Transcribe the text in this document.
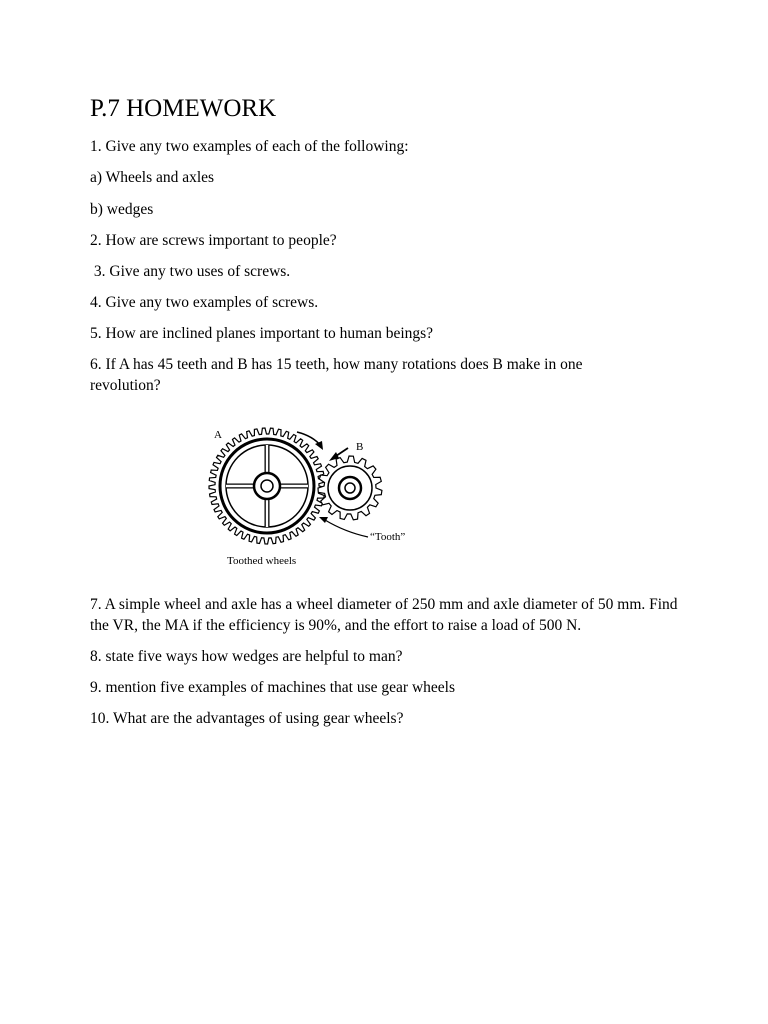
P.7 HOMEWORK
1. Give any two examples of each of the following:
a) Wheels and axles
b) wedges
2. How are screws important to people?
3. Give any two uses of screws.
4. Give any two examples of screws.
5. How are inclined planes important to human beings?
6. If A has 45 teeth and B has 15 teeth, how many rotations does B make in one revolution?
A
B
“Tooth”
Toothed wheels
7. A simple wheel and axle has a wheel diameter of 250 mm and axle diameter of 50 mm. Find the VR, the MA if the efficiency is 90%, and the effort to raise a load of 500 N.
8. state five ways how wedges are helpful to man?
9. mention five examples of machines that use gear wheels
10. What are the advantages of using gear wheels?
